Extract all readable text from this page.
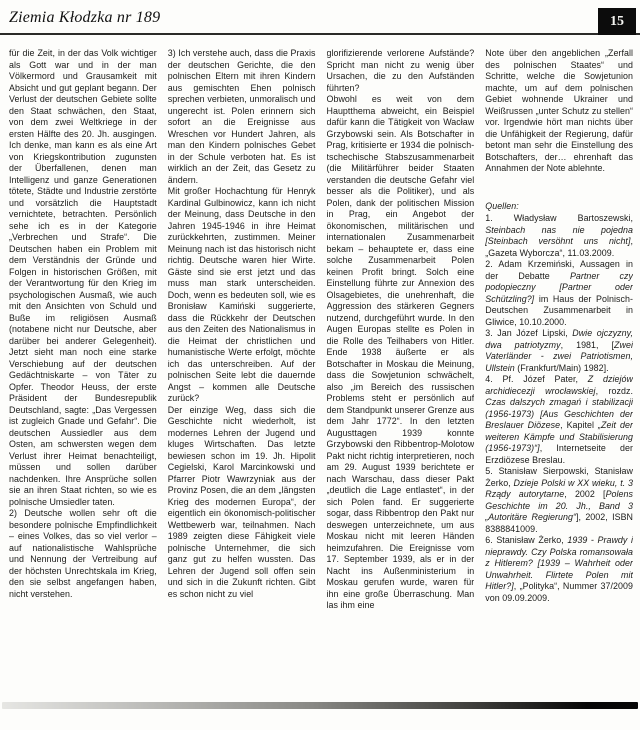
Ziemia Kłodzka nr 189	15

für die Zeit, in der das Volk wichtiger als Gott war und in der man Völkermord und Grausamkeit mit Absicht und gut geplant begann. Der Verlust der deutschen Gebiete sollte den Staat schwächen, den Staat, von dem zwei Weltkriege in der ersten Hälfte des 20. Jh. ausgingen. Ich denke, man kann es als eine Art von Kriegskontribution zugunsten der Überfallenen, denen man Intelligenz und ganze Generationen tötete, Städte und Industrie zerstörte und vorsätzlich die Hauptstadt vernichtete, betrachten. Persönlich sehe ich es in der Kategorie „Verbrechen und Strafe“. Die Deutschen haben ein Problem mit dem Verständnis der Gründe und Folgen in historischen Größen, mit der Verantwortung für den Krieg im psychologischen Ausmaß, wie auch mit den Ansichten von Schuld und Buße im religiösen Ausmaß (notabene nicht nur Deutsche, aber darüber bei anderer Gelegenheit). Jetzt sieht man noch eine starke Verschiebung auf der deutschen Gedächtniskarte – von Täter zu Opfer. Theodor Heuss, der erste Präsident der Bundesrepublik Deutschland, sagte: „Das Vergessen ist zugleich Gnade und Gefahr“. Die deutschen Aussiedler aus dem Osten, am schwersten wegen dem Verlust ihrer Heimat benachteiligt, müssen und sollen darüber nachdenken. Ihre Ansprüche sollen sie an ihren Staat richten, so wie es polnische Umsiedler taten.

2) Deutsche wollen sehr oft die besondere polnische Empfindlichkeit – eines Volkes, das so viel verlor – auf nationalistische Wahlsprüche und Nennung der Vertreibung auf der höchsten Unrechtskala im Krieg, den sie selbst angefangen haben, nicht verstehen.

3) Ich verstehe auch, dass die Praxis der deutschen Gerichte, die den polnischen Eltern mit ihren Kindern aus gemischten Ehen polnisch sprechen verbieten, unmoralisch und ungerecht ist. Polen erinnern sich sofort an die Ereignisse aus Wreschen vor Hundert Jahren, als man den Kindern polnisches Gebet in der Schule verboten hat. Es ist wirklich an der Zeit, das Gesetz zu ändern.

Mit großer Hochachtung für Henryk Kardinal Gulbinowicz, kann ich nicht der Meinung, dass Deutsche in den Jahren 1945-1946 in ihre Heimat zurückkehrten, zustimmen. Meiner Meinung nach ist das historisch nicht richtig. Deutsche waren hier Wirte. Gäste sind sie erst jetzt und das muss man stark unterscheiden. Doch, wenn es bedeuten soll, wie es Bronisław Kamiński suggerierte, dass die Rückkehr der Deutschen aus den Zeiten des Nationalismus in die Heimat der christlichen und humanistische Werte erfolgt, möchte ich das unterschreiben. Auf der polnischen Seite lebt die dauernde Angst – kommen alle Deutsche zurück?

Der einzige Weg, dass sich die Geschichte nicht wiederholt, ist modernes Lehren der Jugend und kluges Wirtschaften. Das letzte bewiesen schon im 19. Jh. Hipolit Cegielski, Karol Marcinkowski und Pfarrer Piotr Wawrzyniak aus der Provinz Posen, die an dem „längsten Krieg des modernen Europa“, der eigentlich ein ökonomisch-politischer Wettbewerb war, teilnahmen. Nach 1989 zeigten diese Fähigkeit viele polnische Unternehmer, die sich ganz gut zu helfen wussten. Das Lehren der Jugend soll offen sein und sich in die Zukunft richten. Gibt es schon nicht zu viel

glorifizierende verlorene Aufstände? Spricht man nicht zu wenig über Ursachen, die zu den Aufständen führten?

Obwohl es weit von dem Hauptthema abweicht, ein Beispiel dafür kann die Tätigkeit von Wacław Grzybowski sein. Als Botschafter in Prag, kritisierte er 1934 die polnisch-tschechische Stabszusammenarbeit (die Militärführer beider Staaten verstanden die deutsche Gefahr viel besser als die Politiker), und als Polen, dank der politischen Mission in Prag, ein Angebot der ökonomischen, militärischen und internationalen Zusammenarbeit bekam – behauptete er, dass eine solche Zusammenarbeit Polen keinen Profit bringt. Solch eine Einstellung führte zur Annexion des Olsagebietes, die unehrenhaft, die Aggression des stärkeren Gegners nutzend, durchgeführt wurde. In den Augen Europas stellte es Polen in die Rolle des Teilhabers von Hitler. Ende 1938 äußerte er als Botschafter in Moskau die Meinung, dass die Sowjetunion schwächelt, also „im Bereich des russischen Problems steht er persönlich auf dem Standpunkt unserer Grenze aus dem Jahr 1772“. In den letzten Augusttagen 1939 konnte Grzybowski den Ribbentrop-Molotow Pakt nicht richtig interpretieren, noch am 29. August 1939 berichtete er nach Warschau, dass dieser Pakt „deutlich die Lage entlastet“, in der sich Polen fand. Er suggerierte sogar, dass Ribbentrop den Pakt nur deswegen unterzeichnete, um aus Moskau nicht mit leeren Händen heimzufahren. Die Ereignisse vom 17. September 1939, als er in der Nacht ins Außenministerium in Moskau gerufen wurde, waren für ihn eine große Überraschung. Man las ihm eine

Note über den angeblichen „Zerfall des polnischen Staates“ und Schritte, welche die Sowjetunion machte, um auf dem polnischen Gebiet wohnende Ukrainer und Weißrussen „unter Schutz zu stellen“ vor. Irgendwie hört man nichts über die Unfähigkeit der Regierung, dafür betont man sehr die Einstellung des Botschafters, der… ehrenhaft das Annahmen der Note ablehnte.

Quellen:

1. Władysław Bartoszewski, Steinbach nas nie pojedna [Steinbach versöhnt uns nicht], „Gazeta Wyborcza“, 11.03.2009.

2. Adam Krzemiński, Aussagen in der Debatte Partner czy podopieczny [Partner oder Schützling?] im Haus der Polnisch-Deutschen Zusammenarbeit in Gliwice, 10.10.2000.

3. Jan Józef Lipski, Dwie ojczyzny, dwa patriotyzmy, 1981, [Zwei Vaterländer - zwei Patriotismen, Ullstein (Frankfurt/Main) 1982].

4. Pf. Józef Pater, Z dziejów archidiecezji wrocławskiej, rozdz. Czas dalszych zmagań i stabilizacji (1956-1973) [Aus Geschichten der Breslauer Diözese, Kapitel „Zeit der weiteren Kämpfe und Stabilisierung (1956-1973)“], Internetseite der Erzdiözese Breslau.

5. Stanisław Sierpowski, Stanisław Żerko, Dzieje Polski w XX wieku, t. 3 Rządy autorytarne, 2002 [Polens Geschichte im 20. Jh., Band 3 „Autoritäre Regierung“], 2002, ISBN 8388841009.

6. Stanisław Żerko, 1939 - Prawdy i nieprawdy. Czy Polska romansowała z Hitlerem? [1939 – Wahrheit oder Unwahrheit. Flirtete Polen mit Hitler?], „Polityka“, Nummer 37/2009 von 09.09.2009.
